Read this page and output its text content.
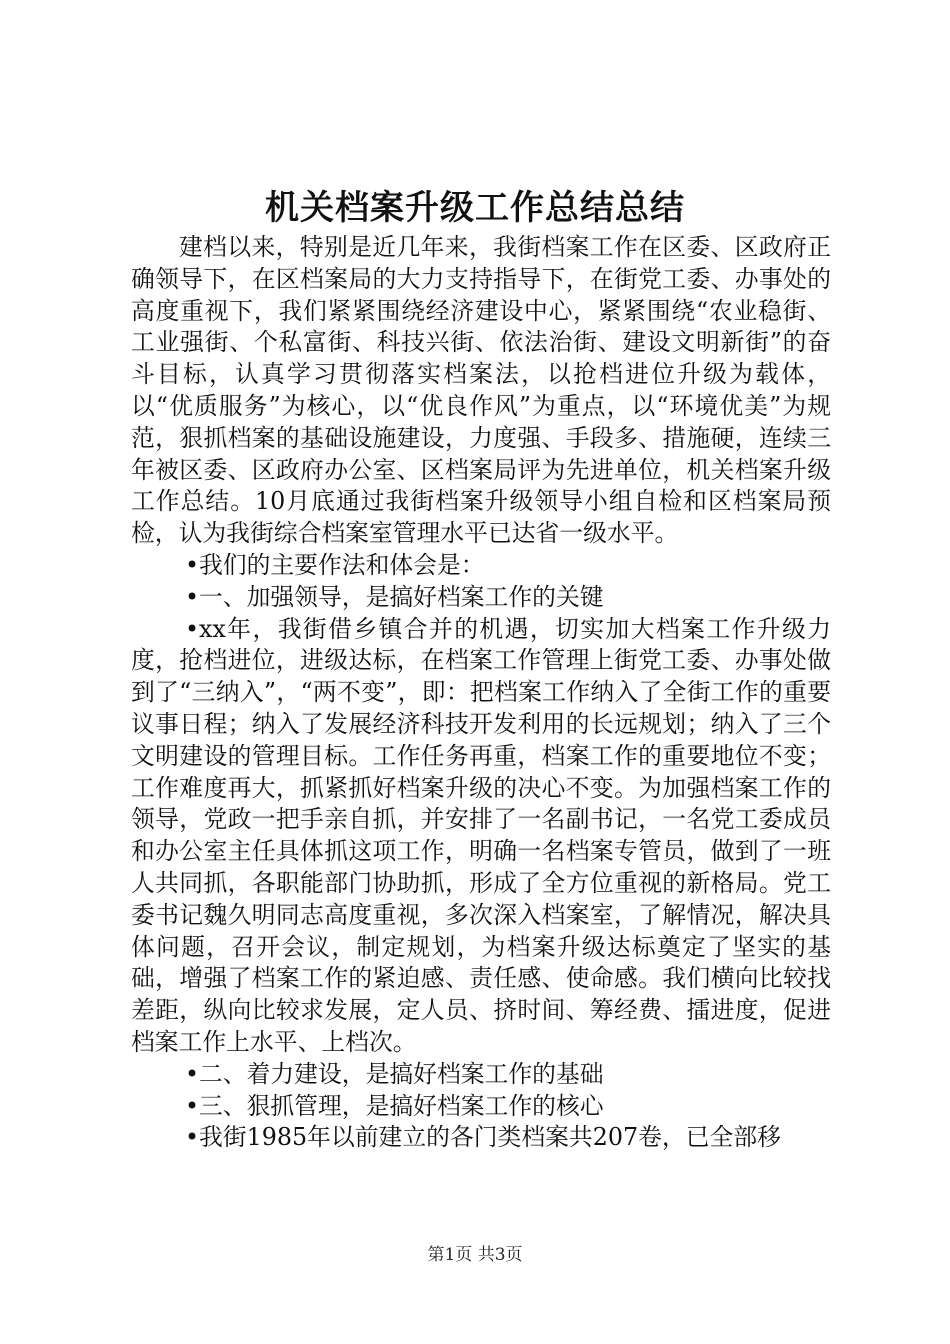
机关档案升级工作总结总结

建档以来，特别是近几年来，我街档案工作在区委、区政府正确领导下，在区档案局的大力支持指导下，在街党工委、办事处的高度重视下，我们紧紧围绕经济建设中心，紧紧围绕“农业稳街、工业强街、个私富街、科技兴街、依法治街、建设文明新街”的奋斗目标，认真学习贯彻落实档案法，以抢档进位升级为载体，以“优质服务”为核心，以“优良作风”为重点，以“环境优美”为规范，狠抓档案的基础设施建设，力度强、手段多、措施硬，连续三年被区委、区政府办公室、区档案局评为先进单位，机关档案升级工作总结。10月底通过我街档案升级领导小组自检和区档案局预检，认为我街综合档案室管理水平已达省一级水平。

•我们的主要作法和体会是：

•一、加强领导，是搞好档案工作的关键

•xx年，我街借乡镇合并的机遇，切实加大档案工作升级力度，抢档进位，进级达标，在档案工作管理上街党工委、办事处做到了“三纳入”，“两不变”，即：把档案工作纳入了全街工作的重要议事日程；纳入了发展经济科技开发利用的长远规划；纳入了三个文明建设的管理目标。工作任务再重，档案工作的重要地位不变；工作难度再大，抓紧抓好档案升级的决心不变。为加强档案工作的领导，党政一把手亲自抓，并安排了一名副书记，一名党工委成员和办公室主任具体抓这项工作，明确一名档案专管员，做到了一班人共同抓，各职能部门协助抓，形成了全方位重视的新格局。党工委书记魏久明同志高度重视，多次深入档案室，了解情况，解决具体问题，召开会议，制定规划，为档案升级达标奠定了坚实的基础，增强了档案工作的紧迫感、责任感、使命感。我们横向比较找差距，纵向比较求发展，定人员、挤时间、筹经费、擂进度，促进档案工作上水平、上档次。

•二、着力建设，是搞好档案工作的基础

•三、狠抓管理，是搞好档案工作的核心

•我街1985年以前建立的各门类档案共207卷，已全部移

第1页 共3页
